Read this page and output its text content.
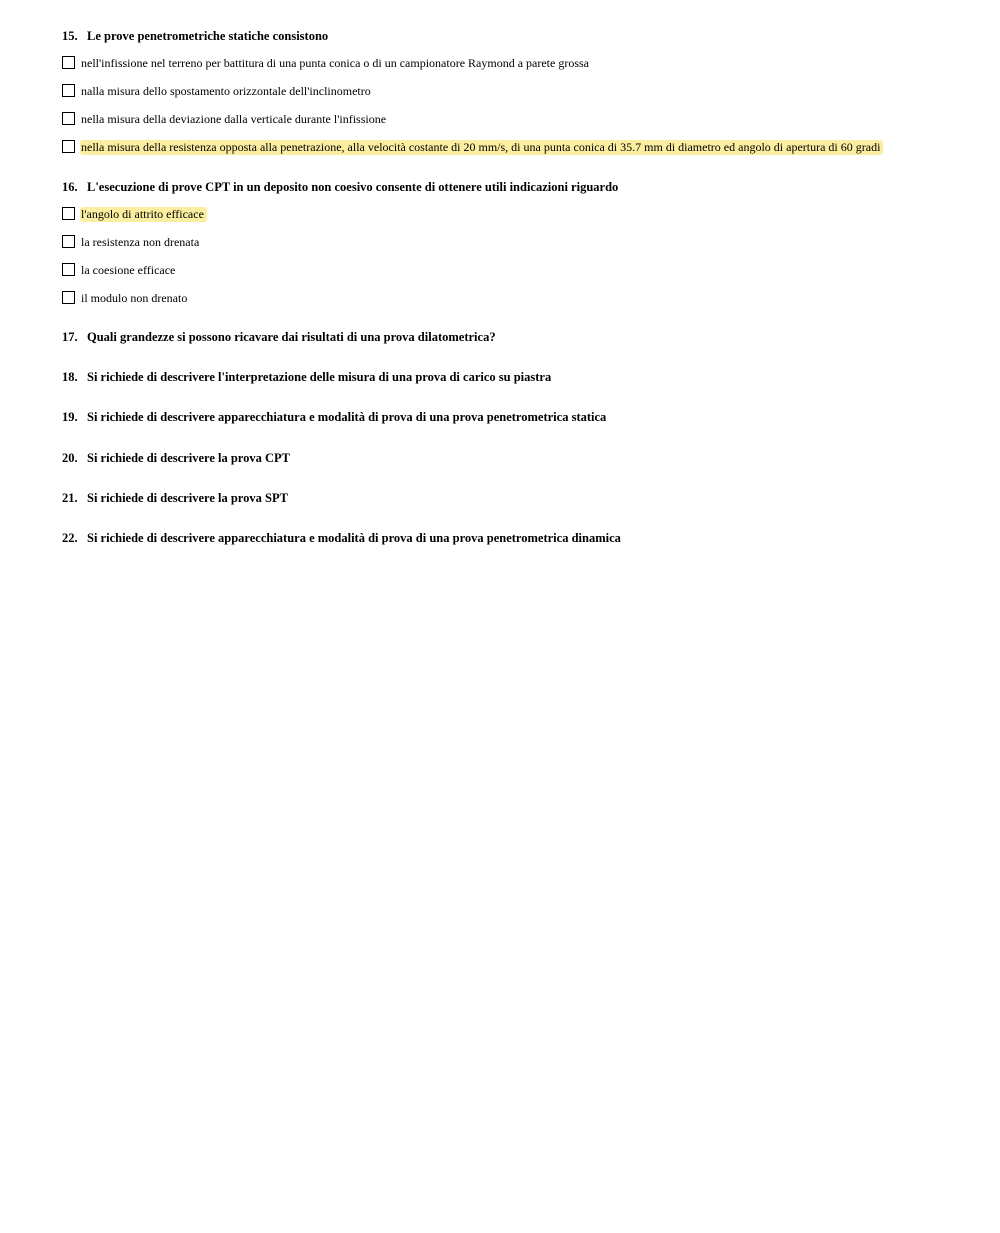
15. Le prove penetrometriche statiche consistono
nell'infissione nel terreno per battitura di una punta conica o di un campionatore Raymond a parete grossa
nalla misura dello spostamento orizzontale dell'inclinometro
nella misura della deviazione dalla verticale durante l'infissione
nella misura della resistenza opposta alla penetrazione, alla velocità costante di 20 mm/s, di una punta conica di 35.7 mm di diametro ed angolo di apertura di 60 gradi
16. L'esecuzione di prove CPT in un deposito non coesivo consente di ottenere utili indicazioni riguardo
l'angolo di attrito efficace
la resistenza non drenata
la coesione efficace
il modulo non drenato
17. Quali grandezze si possono ricavare dai risultati di una prova dilatometrica?
18. Si richiede di descrivere l'interpretazione delle misura di una prova di carico su piastra
19. Si richiede di descrivere apparecchiatura e modalità di prova di una prova penetrometrica statica
20. Si richiede di descrivere la prova CPT
21. Si richiede di descrivere la prova SPT
22. Si richiede di descrivere apparecchiatura e modalità di prova di una prova penetrometrica dinamica
